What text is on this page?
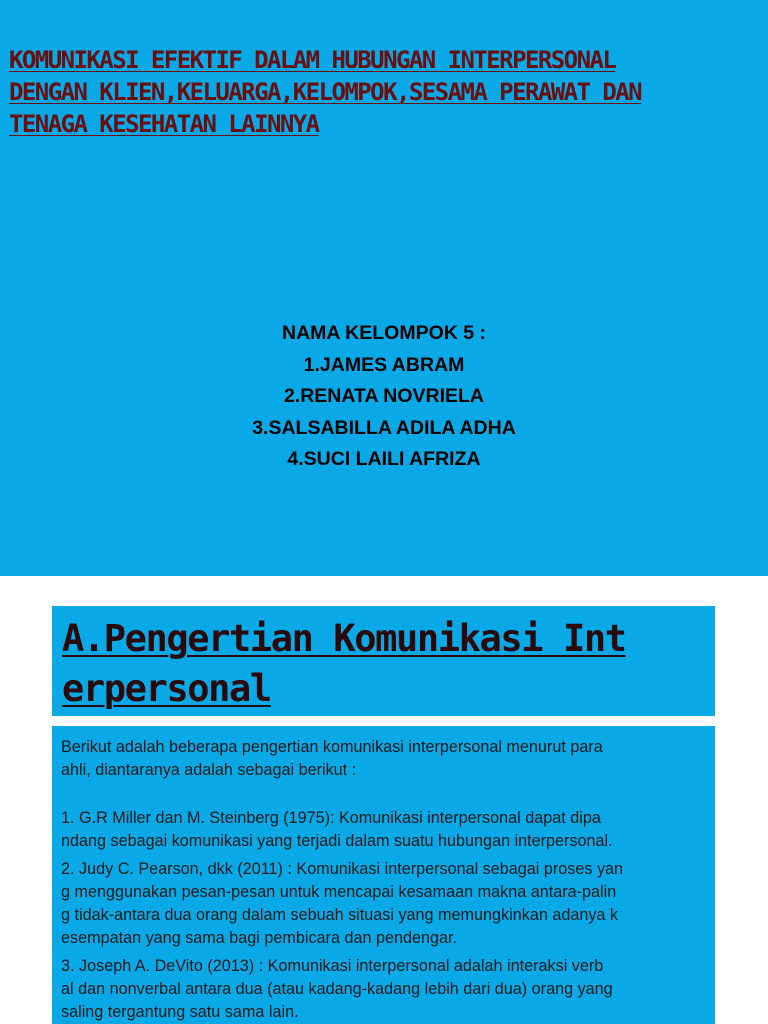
KOMUNIKASI EFEKTIF DALAM HUBUNGAN INTERPERSONAL
DENGAN KLIEN,KELUARGA,KELOMPOK,SESAMA PERAWAT DAN
TENAGA KESEHATAN LAINNYA
NAMA KELOMPOK 5 :
1.JAMES ABRAM
2.RENATA NOVRIELA
3.SALSABILLA ADILA ADHA
4.SUCI LAILI AFRIZA
A.Pengertian Komunikasi Int
erpersonal
Berikut adalah beberapa pengertian komunikasi interpersonal menurut para
ahli, diantaranya adalah sebagai berikut :
1. G.R Miller dan M. Steinberg (1975): Komunikasi interpersonal dapat dipa
ndang sebagai komunikasi yang terjadi dalam suatu hubungan interpersonal.
2. Judy C. Pearson, dkk (2011) : Komunikasi interpersonal sebagai proses yan
g menggunakan pesan-pesan untuk mencapai kesamaan makna antara-palin
g tidak-antara dua orang dalam sebuah situasi yang memungkinkan adanya k
esempatan yang sama bagi pembicara dan pendengar.
3. Joseph A. DeVito (2013) : Komunikasi interpersonal adalah interaksi verb
al dan nonverbal antara dua (atau kadang-kadang lebih dari dua) orang yang
saling tergantung satu sama lain.
